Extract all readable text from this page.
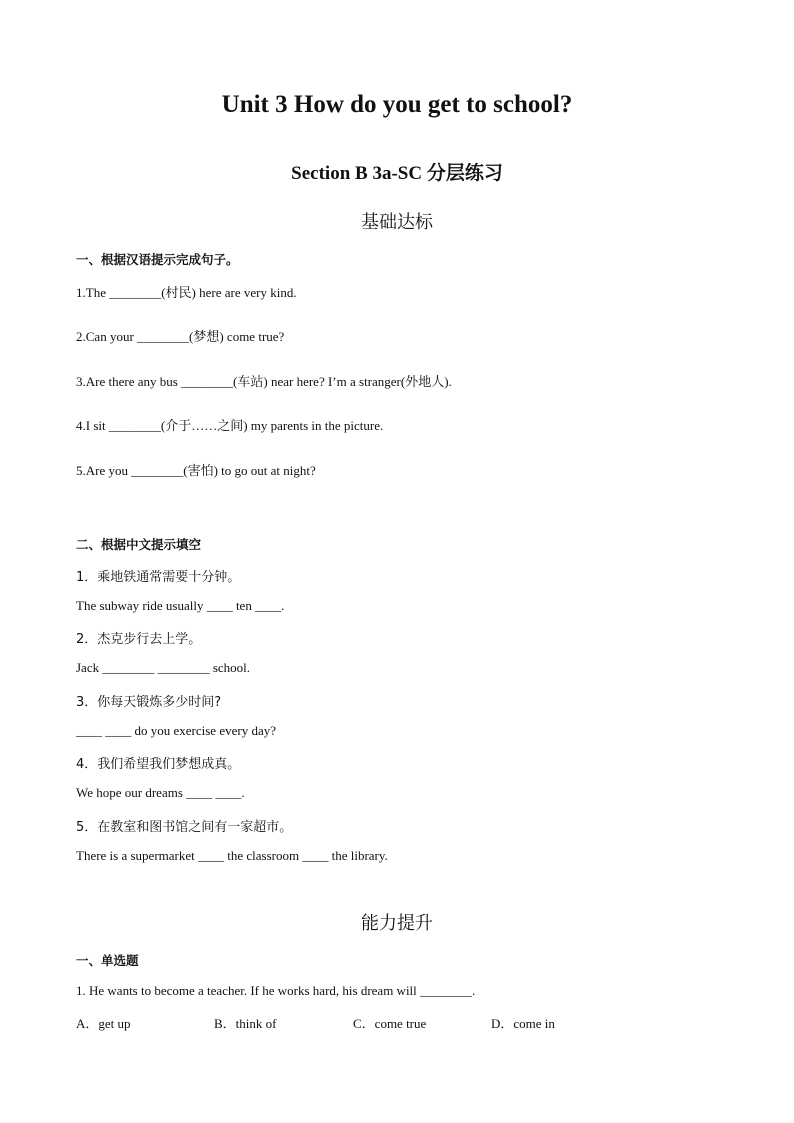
Unit 3 How do you get to school?
Section B 3a-SC 分层练习
基础达标
一、根据汉语提示完成句子。
1.The ________(村民) here are very kind.
2.Can your ________(梦想) come true?
3.Are there any bus ________(车站) near here? I’m a stranger(外地人).
4.I sit ________(介于……之间) my parents in the picture.
5.Are you ________(害怕) to go out at night?
二、根据中文提示填空
1．乘地铁通常需要十分钟。
The subway ride usually ____ ten ____.
2．杰克步行去上学。
Jack ________ ________ school.
3．你每天锻炼多少时间?
____ ____ do you exercise every day?
4．我们希望我们梦想成真。
We hope our dreams ____ ____.
5．在教室和图书馆之间有一家超市。
There is a supermarket ____ the classroom ____ the library.
能力提升
一、单选题
1. He wants to become a teacher. If he works hard, his dream will ________.
A．get up	B．think of	C．come true	D．come in
